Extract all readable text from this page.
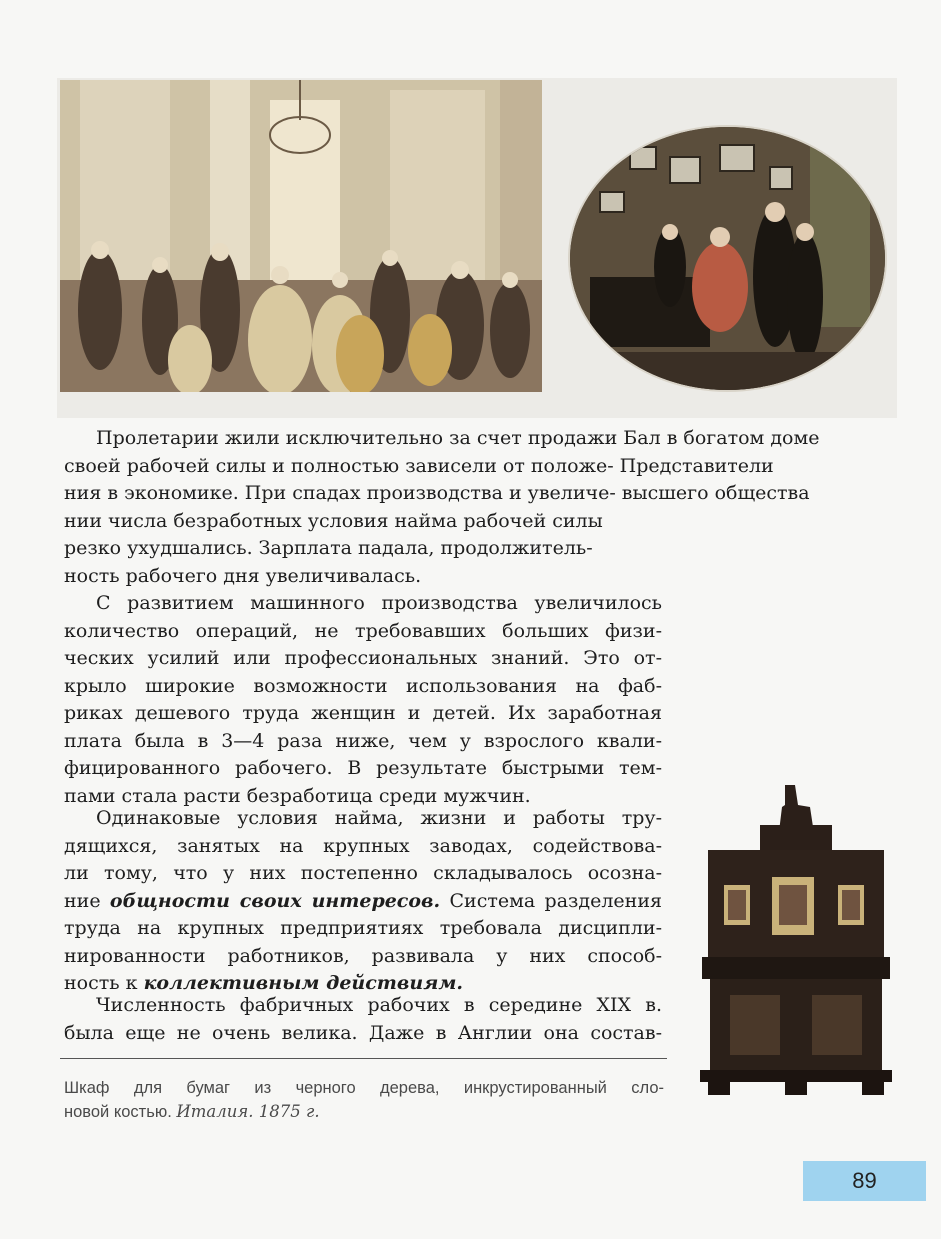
Пролетарии жили исключительно за счет продажи Бал в богатом доме
своей рабочей силы и полностью зависели от положе- Представители
ния в экономике. При спадах производства и увеличе- высшего общества
нии числа безработных условия найма рабочей силы
резко ухудшались. Зарплата падала, продолжитель-
ность рабочего дня увеличивалась.
С развитием машинного производства увеличилось
количество операций, не требовавших больших физи-
ческих усилий или профессиональных знаний. Это от-
крыло широкие возможности использования на фаб-
риках дешевого труда женщин и детей. Их заработная
плата была в 3—4 раза ниже, чем у взрослого квали-
фицированного рабочего. В результате быстрыми тем-
пами стала расти безработица среди мужчин.
Одинаковые условия найма, жизни и работы тру-
дящихся, занятых на крупных заводах, содействова-
ли тому, что у них постепенно складывалось осозна-
ние общности своих интересов. Система разделения
труда на крупных предприятиях требовала дисципли-
нированности работников, развивала у них способ-
ность к коллективным действиям.
Численность фабричных рабочих в середине XIX в.
была еще не очень велика. Даже в Англии она состав-
Шкаф для бумаг из черного дерева, инкрустированный сло-
новой костью. Италия. 1875 г.
89
